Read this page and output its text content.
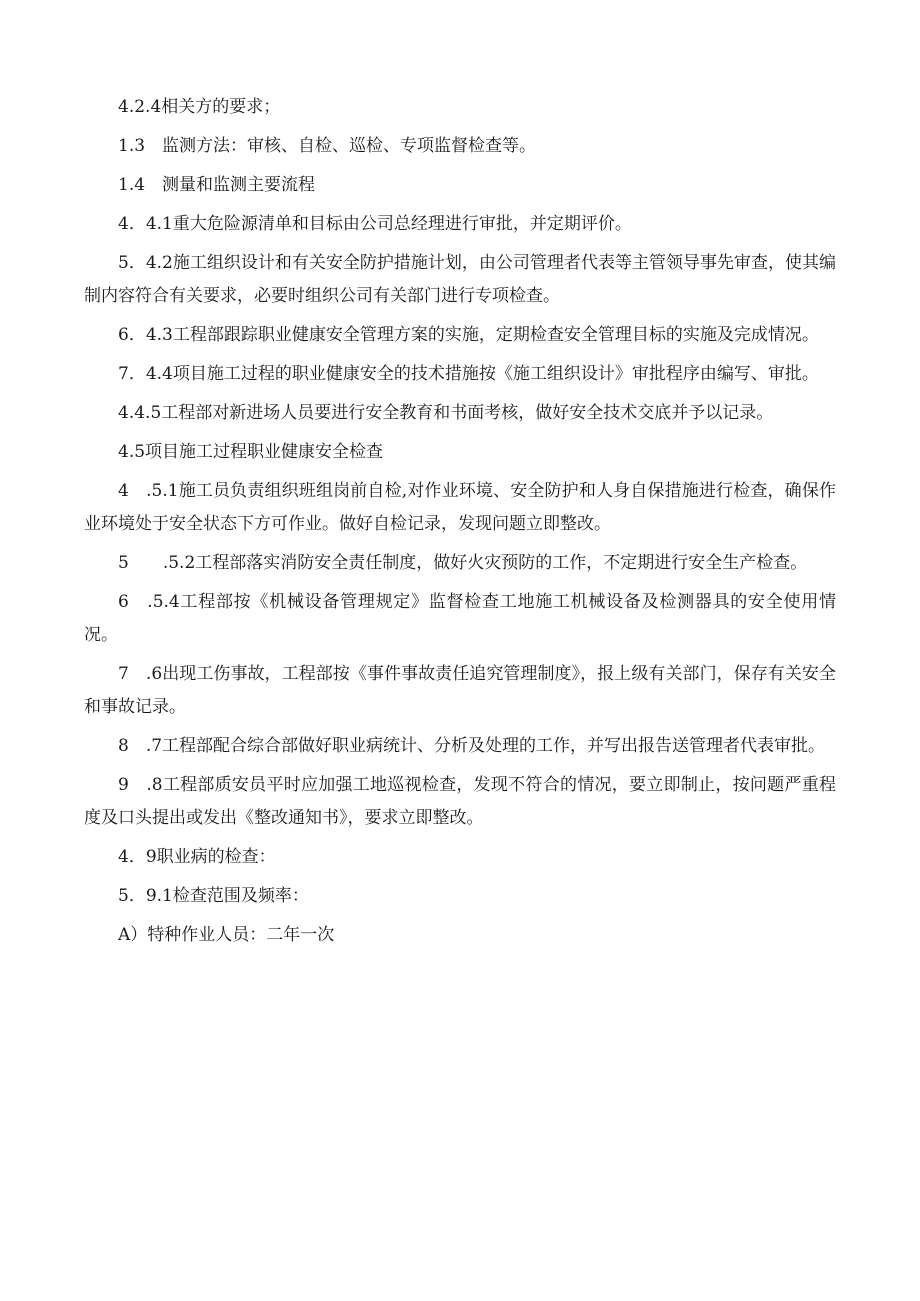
4.2.4相关方的要求；

1.3　监测方法：审核、自检、巡检、专项监督检查等。

1.4　测量和监测主要流程

4．4.1重大危险源清单和目标由公司总经理进行审批，并定期评价。

5．4.2施工组织设计和有关安全防护措施计划，由公司管理者代表等主管领导事先审查，使其编制内容符合有关要求，必要时组织公司有关部门进行专项检查。

6．4.3工程部跟踪职业健康安全管理方案的实施，定期检查安全管理目标的实施及完成情况。

7．4.4项目施工过程的职业健康安全的技术措施按《施工组织设计》审批程序由编写、审批。

4.4.5工程部对新进场人员要进行安全教育和书面考核，做好安全技术交底并予以记录。

4.5项目施工过程职业健康安全检查

4　.5.1施工员负责组织班组岗前自检,对作业环境、安全防护和人身自保措施进行检查，确保作业环境处于安全状态下方可作业。做好自检记录，发现问题立即整改。

5　　.5.2工程部落实消防安全责任制度，做好火灾预防的工作，不定期进行安全生产检查。

6　.5.4工程部按《机械设备管理规定》监督检查工地施工机械设备及检测器具的安全使用情况。

7　.6出现工伤事故，工程部按《事件事故责任追究管理制度》，报上级有关部门，保存有关安全和事故记录。

8　.7工程部配合综合部做好职业病统计、分析及处理的工作，并写出报告送管理者代表审批。

9　.8工程部质安员平时应加强工地巡视检查，发现不符合的情况，要立即制止，按问题严重程度及口头提出或发出《整改通知书》，要求立即整改。

4．9职业病的检查：

5．9.1检查范围及频率：

A）特种作业人员：二年一次
